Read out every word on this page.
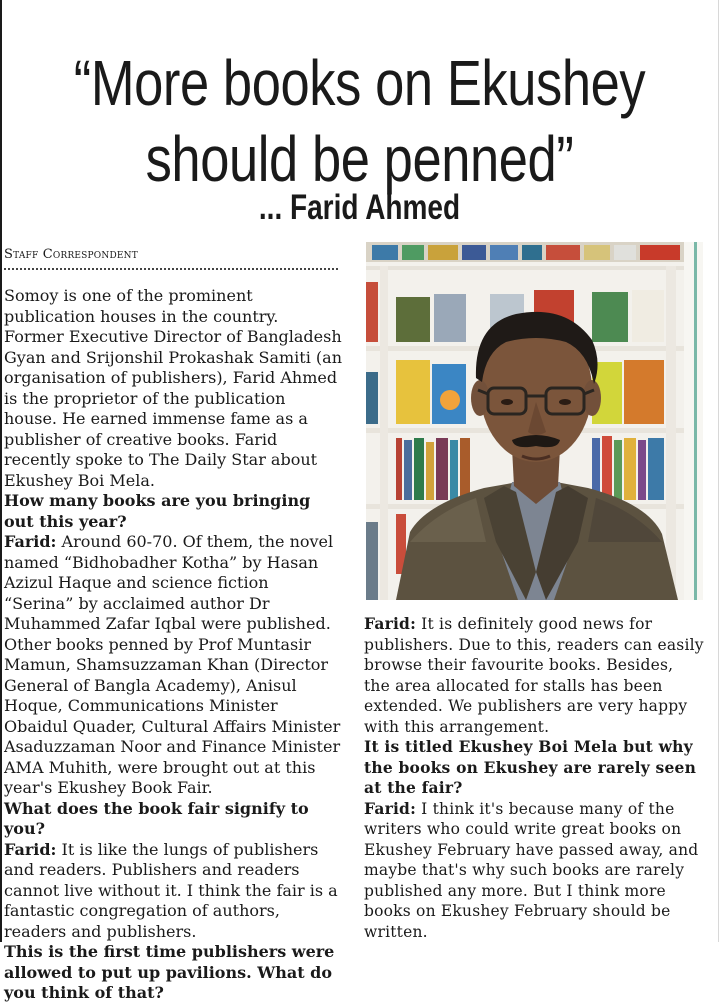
“More books on Ekushey
should be penned”
... Farid Ahmed
Staff Correspondent

Somoy is one of the prominent publication houses in the country. Former Executive Director of Bangladesh Gyan and Srijonshil Prokashak Samiti (an organisation of publishers), Farid Ahmed is the proprietor of the publication house. He earned immense fame as a publisher of creative books. Farid recently spoke to The Daily Star about Ekushey Boi Mela.

How many books are you bringing out this year?

Farid: Around 60-70. Of them, the novel named “Bidhobadher Kotha” by Hasan Azizul Haque and science fiction “Serina” by acclaimed author Dr Muhammed Zafar Iqbal were published. Other books penned by Prof Muntasir Mamun, Shamsuzzaman Khan (Director General of Bangla Academy), Anisul Hoque, Communications Minister Obaidul Quader, Cultural Affairs Minister Asaduzzaman Noor and Finance Minister AMA Muhith, were brought out at this year's Ekushey Book Fair.

What does the book fair signify to you?

Farid: It is like the lungs of publishers and readers. Publishers and readers cannot live without it. I think the fair is a fantastic congregation of authors, readers and publishers.

This is the first time publishers were allowed to put up pavilions. What do you think of that?

Farid: It is definitely good news for publishers. Due to this, readers can easily browse their favourite books. Besides, the area allocated for stalls has been extended. We publishers are very happy with this arrangement.

It is titled Ekushey Boi Mela but why the books on Ekushey are rarely seen at the fair?

Farid: I think it's because many of the writers who could write great books on Ekushey February have passed away, and maybe that's why such books are rarely published any more. But I think more books on Ekushey February should be written.
